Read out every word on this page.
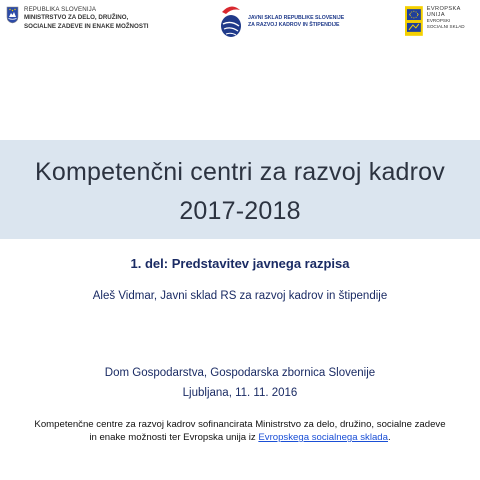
REPUBLIKA SLOVENIJA
MINISTRSTVO ZA DELO, DRUŽINO,
SOCIALNE ZADEVE IN ENAKE MOŽNOSTI
JAVNI SKLAD REPUBLIKE SLOVENIJE
ZA RAZVOJ KADROV IN ŠTIPENDIJE
EVROPSKA UNIJA
EVROPSKI
SOCIALNI SKLAD
Kompetenčni centri za razvoj kadrov
2017-2018
1. del: Predstavitev javnega razpisa
Aleš Vidmar, Javni sklad RS za razvoj kadrov in štipendije
Dom Gospodarstva, Gospodarska zbornica Slovenije
Ljubljana, 11. 11. 2016
Kompetenčne centre za razvoj kadrov sofinancirata Ministrstvo za delo, družino, socialne zadeve
in enake možnosti ter Evropska unija iz Evropskega socialnega sklada.
